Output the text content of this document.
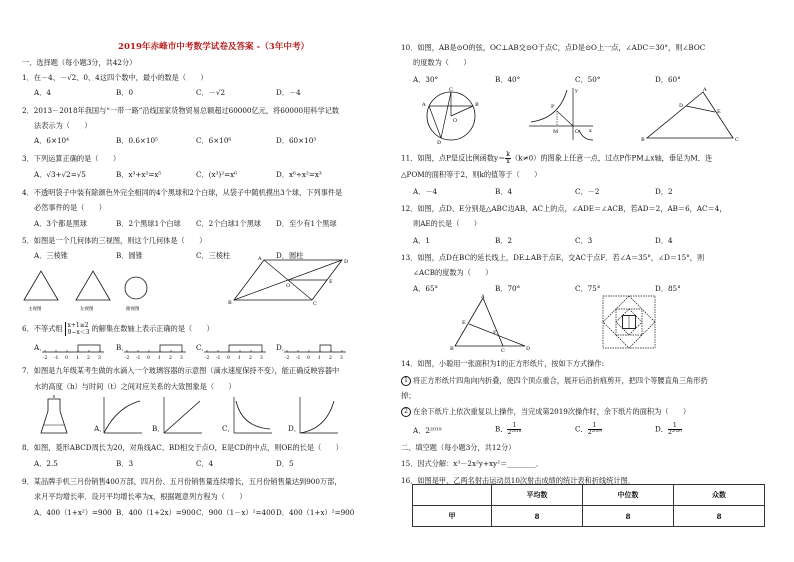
2019年赤峰市中考数学试卷及答案 -（3年中考）
一、选择题（每小题3分，共42分）
1．在－4、－√2、0、4这四个数中，最小的数是（　　）
A．4	B．0	C．－√2	D．－4
2．2013－2018年我国与“一带一路”沿线国家货物贸易总额超过60000亿元，将60000用科学记数
法表示为（　　）
A．6×10⁴	B．0.6×10⁵	C．6×10⁶	D．60×10³
3．下列运算正确的是（　　）
A．√3+√2=√5	B．x³+x²=x⁵	C．(x³)²=x⁶	D．x⁶÷x²=x³
4．不透明袋子中装有除颜色外完全相同的4个黑球和2个白球，从袋子中随机摸出3个球，下列事件是
必然事件的是（　　）
A．3个都是黑球	B．2个黑球1个白球 C．2个白球1个黑球 D．至少有1个黑球
5．如图是一个几何体的三视图，则这个几何体是（　　）
A．三棱锥	B．圆锥	C．三棱柱	D．圆柱
主视图	左视图	俯视图
6．不等式组 x+1≥2
9−x＜3 的解集在数轴上表示正确的是（　　）
A．	B．	C．	D．
-2 -1 0 1 2 3	-2 -1 0 1 2 3	-2 -1 0 1 2 3	-2 -1 0 1 2 3
7．如图是九年级某考生做的水滴入一个玻璃容器的示意图（滴水速度保持不变），能正确反映容器中
水的高度（h）与时间（t）之间对应关系的大致图象是（　　）
A．	B．	C．	D．
8．如图，菱形ABCD周长为20，对角线AC、BD相交于点O，E是CD的中点，则OE的长是（　　）
A．2.5	B．3	C．4	D．5
9．某品牌手机三月份销售400万部，四月份、五月份销售量连续增长，五月份销售量达到900万部，
求月平均增长率．设月平均增长率为x，根据题意列方程为（　　）
A．400（1+x²）=900 B．400（1+2x）=900 C．900（1－x）²=400 D．400（1+x）²=900
A
B	C
D
O
E
10．如图，AB是⊙O的弦，OC⊥AB交⊙O于点C，点D是⊙O上一点，∠ADC＝30°，则∠BOC
的度数为（　　）
A．30°	B．40°	C．50°	D．60°
A	B
C
D
O
y
P
M	O x
A
B	C
D
E
11．如图，点P是反比例函数$y= \frac{k}{x} (k\ne 0)$的图象上任意一点，过点P作PM⊥x轴，垂足为M．连
△POM的面积等于2，则k的值等于（　　）
A．－4	B．4	C．－2	D．2
12．如图，点D、E分别是△ABC边AB、AC上的点，∠ADE＝∠ACB，若AD＝2，AB＝6，AC＝4，
则AE的长是（　　）
A．1	B．2	C．3	D．4
13．如图，点D在BC的延长线上，DE⊥AB于点E，交AC于点F．若∠A＝35°，∠D＝15°，则
∠ACB的度数为（　　）
A．65°	B．70°	C．75°	D．85°
A
B	C	D
E
F
14．如图，小聪用一张面积为1的正方形纸片，按如下方式操作:
1 将正方形纸片四角向内折叠，使四个顶点重合，展开后沿折痕剪开，把四个等腰直角三角形扔
掉；
2 在余下纸片上依次重复以上操作，当完成第2019次操作时，余下纸片的面积为（　　）
A．2²⁰¹⁹	B． $\frac{1}{\text{2²⁰¹⁸}}$	C． $\frac{1}{\text{2²⁰¹⁹}}$	D． $\frac{1}{\text{2²⁰²⁰}}$
二、填空题（每小题3分，共12分）
15．因式分解：x³－2x²y+xy²＝________．
16．如图是甲、乙两名射击运动员10次射击成绩的统计表和折线统计图．
	平均数	中位数	众数
甲	8	8	8
